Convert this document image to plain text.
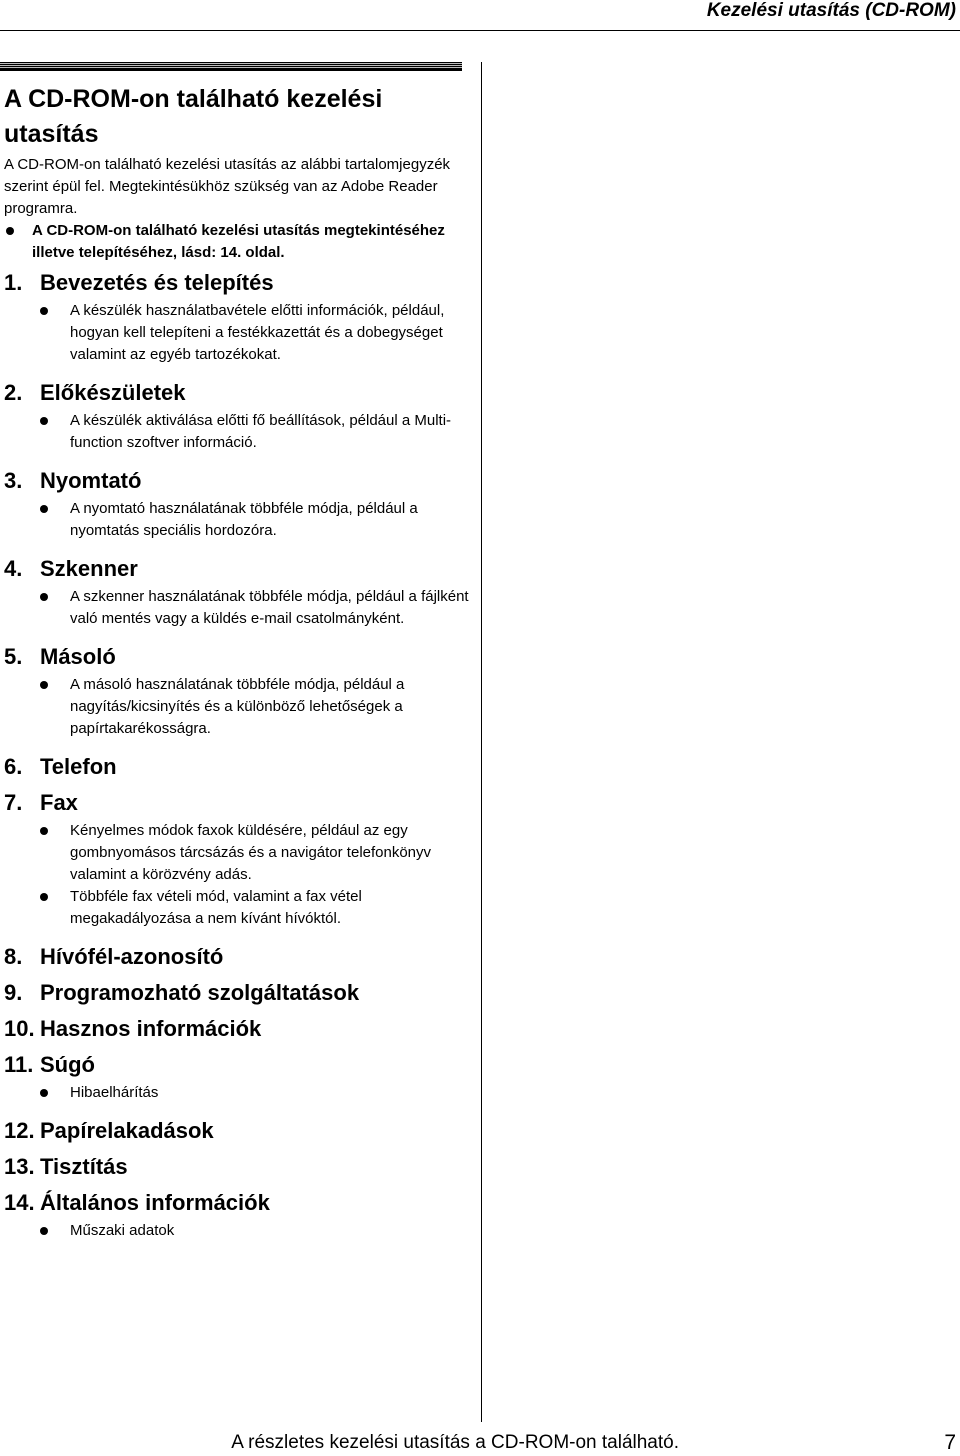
Kezelési utasítás (CD-ROM)
A CD-ROM-on található kezelési utasítás

A CD-ROM-on található kezelési utasítás az alábbi tartalomjegyzék szerint épül fel. Megtekintésükhöz szükség van az Adobe Reader programra.

A CD-ROM-on található kezelési utasítás megtekintéséhez illetve telepítéséhez, lásd: 14. oldal.
1. Bevezetés és telepítés
A készülék használatbavétele előtti információk, például, hogyan kell telepíteni a festékkazettát és a dobegységet valamint az egyéb tartozékokat.
2. Előkészületek
A készülék aktiválása előtti fő beállítások, például a Multi-function szoftver információ.
3. Nyomtató
A nyomtató használatának többféle módja, például a nyomtatás speciális hordozóra.
4. Szkenner
A szkenner használatának többféle módja, például a fájlként való mentés vagy a küldés e-mail csatolmányként.
5. Másoló
A másoló használatának többféle módja, például a nagyítás/kicsinyítés és a különböző lehetőségek a papírtakarékosságra.
6. Telefon
7. Fax
Kényelmes módok faxok küldésére, például az egy gombnyomásos tárcsázás és a navigátor telefonkönyv valamint a körözvény adás.
Többféle fax vételi mód, valamint a fax vétel megakadályozása a nem kívánt hívóktól.
8. Hívófél-azonosító
9. Programozható szolgáltatások
10. Hasznos információk
11. Súgó
Hibaelhárítás
12. Papírelakadások
13. Tisztítás
14. Általános információk
Műszaki adatok
A részletes kezelési utasítás a CD-ROM-on található.	7
